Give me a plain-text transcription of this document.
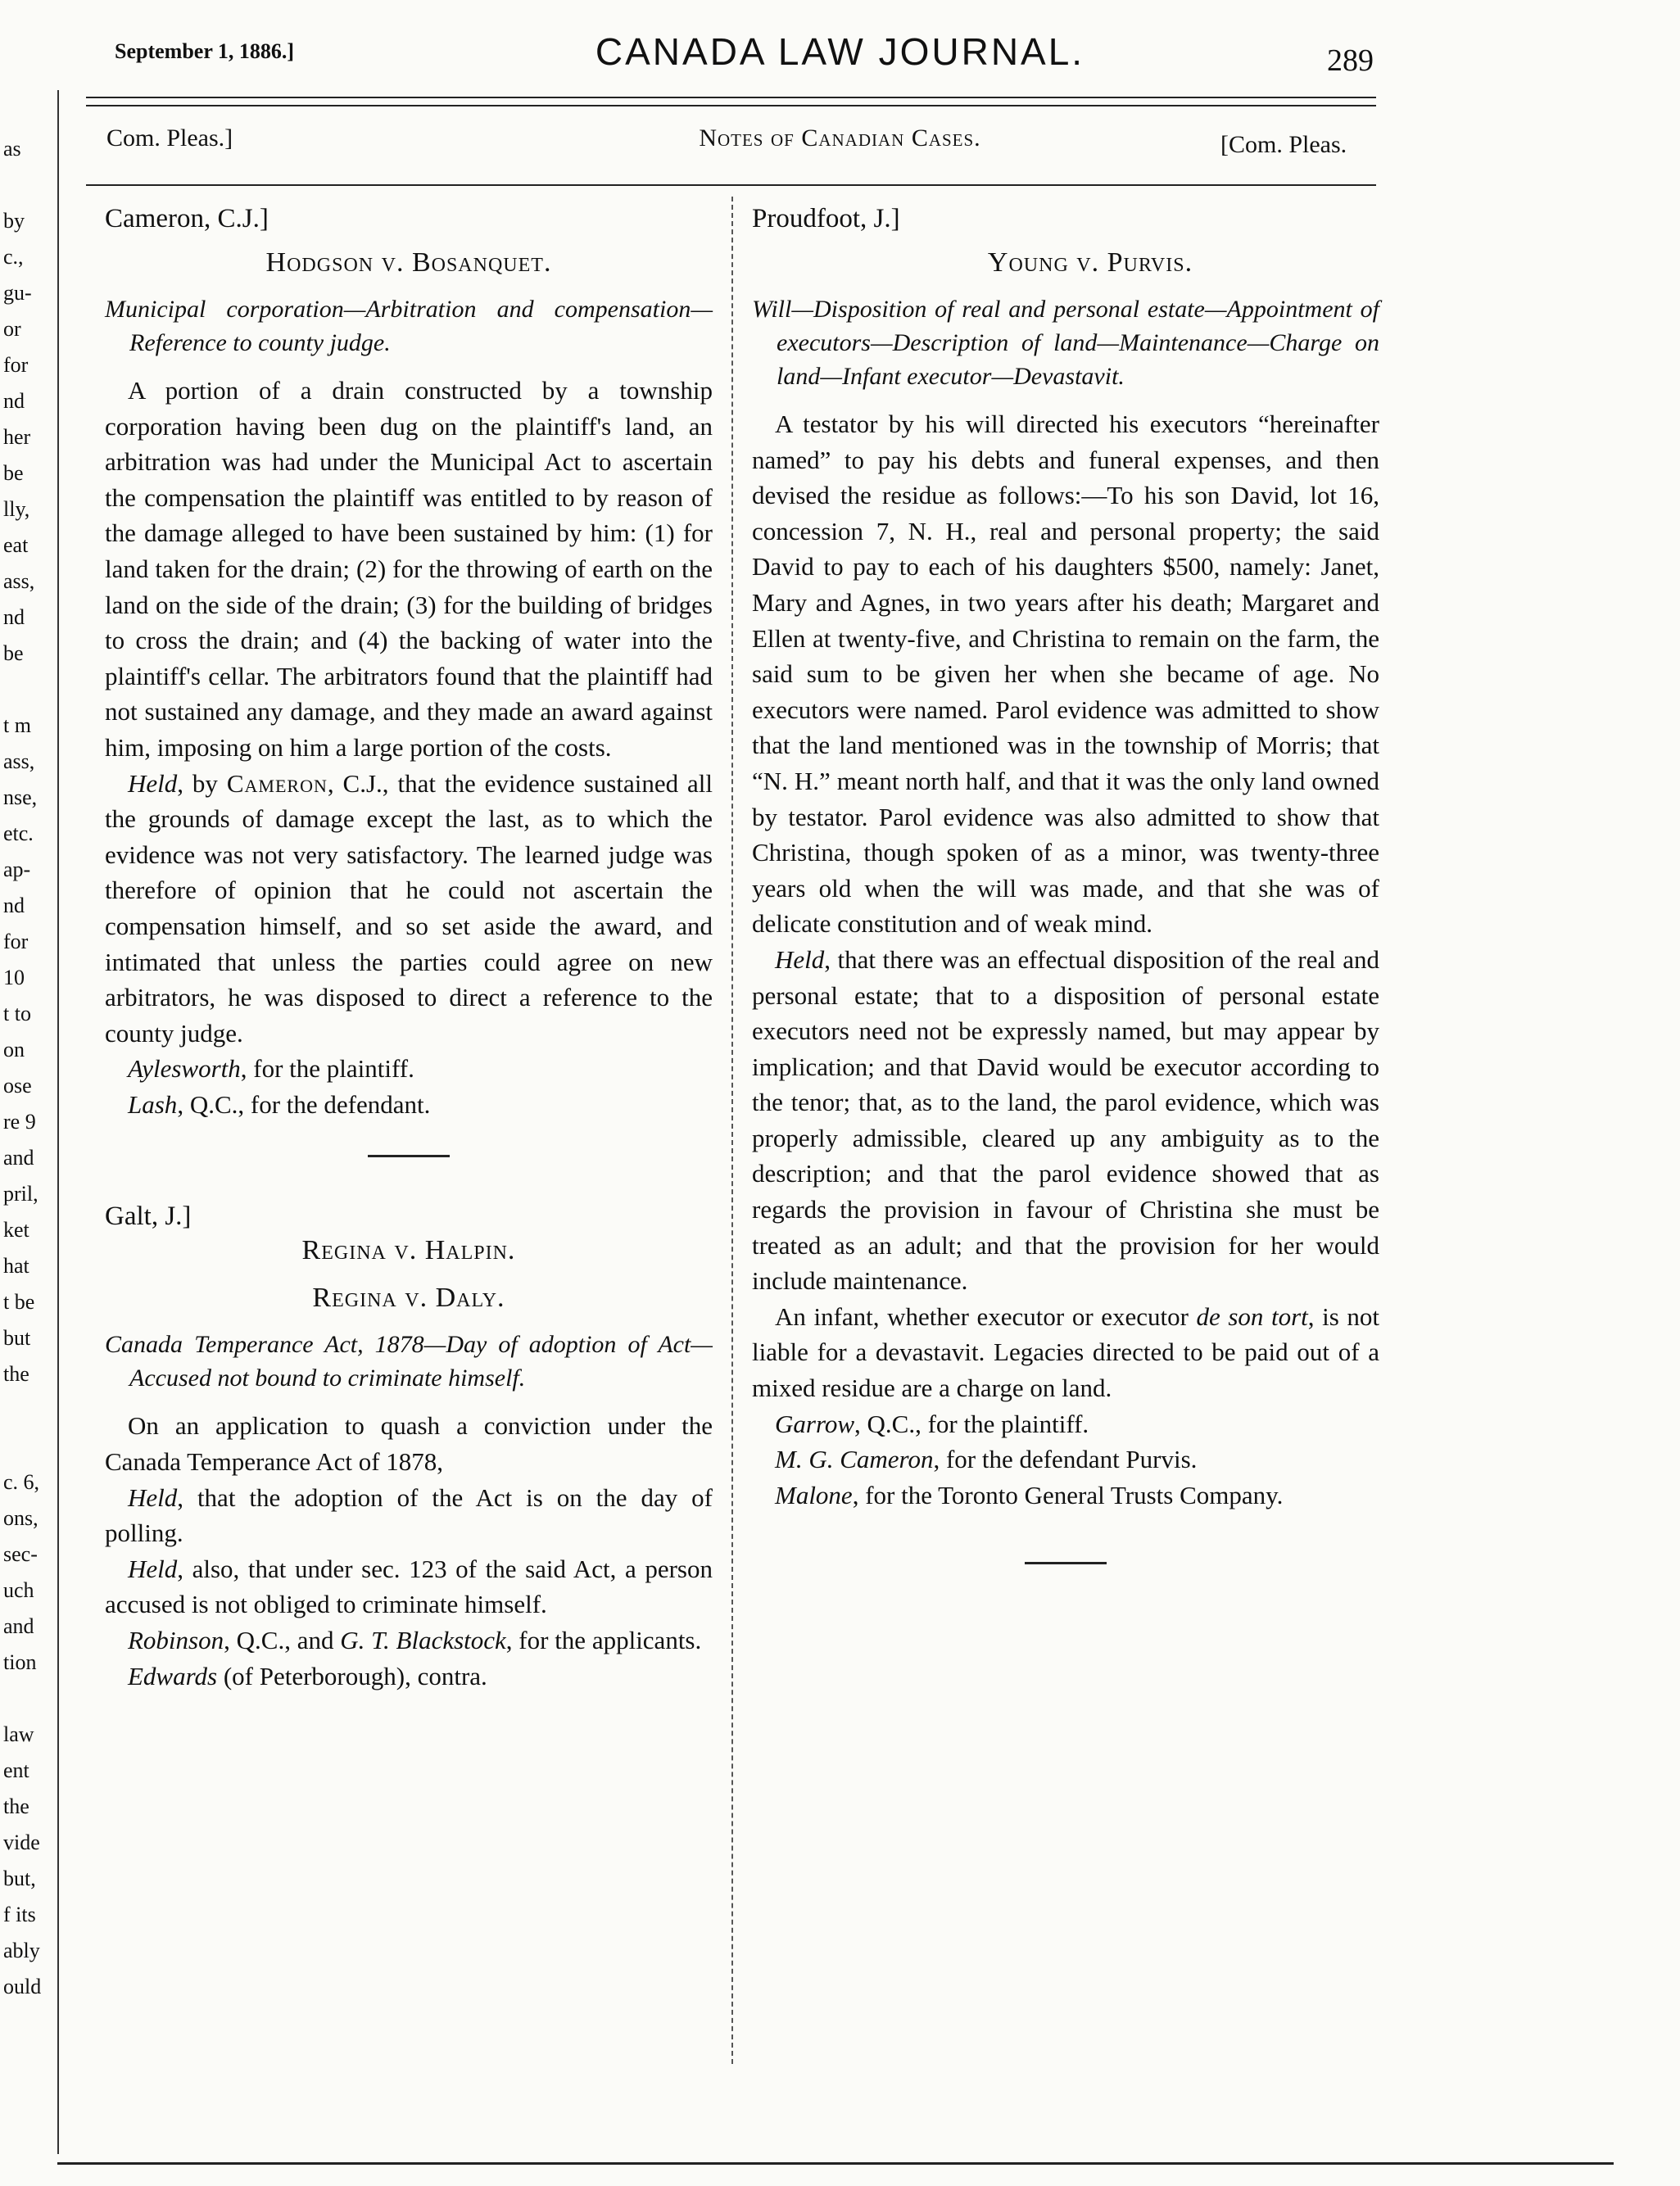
as
by
c.,
gu-
or
for
nd
her
be
lly,
eat
ass,
nd
be
t m
ass,
nse,
etc.
ap-
nd
for
10
t to
on
ose
re 9
and
pril,
ket
hat
t be
but
the
c. 6,
ons,
sec-
uch
and
tion
law
ent
the
vide
but,
f its
ably
ould
September 1, 1886.]	CANADA LAW JOURNAL.	289
Com. Pleas.]	Notes of Canadian Cases.	[Com. Pleas.
Cameron, C.J.]
Hodgson v. Bosanquet.
Municipal corporation—Arbitration and compensation—Reference to county judge.

A portion of a drain constructed by a township corporation having been dug on the plaintiff's land, an arbitration was had under the Municipal Act to ascertain the compensation the plaintiff was entitled to by reason of the damage alleged to have been sustained by him: (1) for land taken for the drain; (2) for the throwing of earth on the land on the side of the drain; (3) for the building of bridges to cross the drain; and (4) the backing of water into the plaintiff's cellar. The arbitrators found that the plaintiff had not sustained any damage, and they made an award against him, imposing on him a large portion of the costs.

Held, by Cameron, C.J., that the evidence sustained all the grounds of damage except the last, as to which the evidence was not very satisfactory. The learned judge was therefore of opinion that he could not ascertain the compensation himself, and so set aside the award, and intimated that unless the parties could agree on new arbitrators, he was disposed to direct a reference to the county judge.

Aylesworth, for the plaintiff.

Lash, Q.C., for the defendant.

Galt, J.]
Regina v. Halpin.
Regina v. Daly.
Canada Temperance Act, 1878—Day of adoption of Act—Accused not bound to criminate himself.

On an application to quash a conviction under the Canada Temperance Act of 1878,

Held, that the adoption of the Act is on the day of polling.

Held, also, that under sec. 123 of the said Act, a person accused is not obliged to criminate himself.

Robinson, Q.C., and G. T. Blackstock, for the applicants.

Edwards (of Peterborough), contra.

Proudfoot, J.]
Young v. Purvis.
Will—Disposition of real and personal estate—Appointment of executors—Description of land—Maintenance—Charge on land—Infant executor—Devastavit.

A testator by his will directed his executors “hereinafter named” to pay his debts and funeral expenses, and then devised the residue as follows:—To his son David, lot 16, concession 7, N. H., real and personal property; the said David to pay to each of his daughters $500, namely: Janet, Mary and Agnes, in two years after his death; Margaret and Ellen at twenty-five, and Christina to remain on the farm, the said sum to be given her when she became of age. No executors were named. Parol evidence was admitted to show that the land mentioned was in the township of Morris; that “N. H.” meant north half, and that it was the only land owned by testator. Parol evidence was also admitted to show that Christina, though spoken of as a minor, was twenty-three years old when the will was made, and that she was of delicate constitution and of weak mind.

Held, that there was an effectual disposition of the real and personal estate; that to a disposition of personal estate executors need not be expressly named, but may appear by implication; and that David would be executor according to the tenor; that, as to the land, the parol evidence, which was properly admissible, cleared up any ambiguity as to the description; and that the parol evidence showed that as regards the provision in favour of Christina she must be treated as an adult; and that the provision for her would include maintenance.

An infant, whether executor or executor de son tort, is not liable for a devastavit. Legacies directed to be paid out of a mixed residue are a charge on land.

Garrow, Q.C., for the plaintiff.

M. G. Cameron, for the defendant Purvis.

Malone, for the Toronto General Trusts Company.
